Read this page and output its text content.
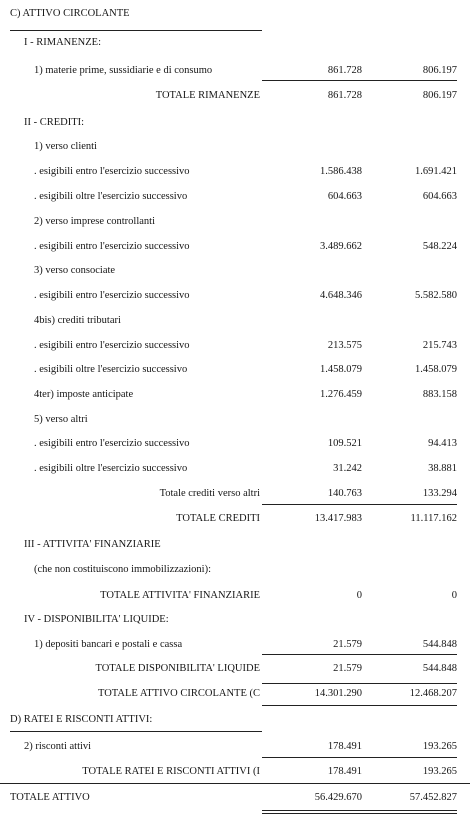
C) ATTIVO CIRCOLANTE
I - RIMANENZE:
1) materie prime, sussidiarie e di consumo	861.728	806.197
TOTALE RIMANENZE	861.728	806.197
II - CREDITI:
1) verso clienti
. esigibili entro l'esercizio successivo	1.586.438	1.691.421
. esigibili oltre l'esercizio successivo	604.663	604.663
2) verso imprese controllanti
. esigibili entro l'esercizio successivo	3.489.662	548.224
3) verso consociate
. esigibili entro l'esercizio successivo	4.648.346	5.582.580
4bis) crediti tributari
. esigibili entro l'esercizio successivo	213.575	215.743
. esigibili oltre l'esercizio successivo	1.458.079	1.458.079
4ter) imposte anticipate	1.276.459	883.158
5) verso altri
. esigibili entro l'esercizio successivo	109.521	94.413
. esigibili oltre l'esercizio successivo	31.242	38.881
Totale crediti verso altri	140.763	133.294
TOTALE CREDITI	13.417.983	11.117.162
III - ATTIVITA' FINANZIARIE
(che non costituiscono immobilizzazioni):
TOTALE ATTIVITA' FINANZIARIE	0	0
IV - DISPONIBILITA' LIQUIDE:
1) depositi bancari e postali e cassa	21.579	544.848
TOTALE DISPONIBILITA' LIQUIDE	21.579	544.848
TOTALE ATTIVO CIRCOLANTE (C	14.301.290	12.468.207
D) RATEI E RISCONTI ATTIVI:
2) risconti attivi	178.491	193.265
TOTALE RATEI E RISCONTI ATTIVI (I	178.491	193.265
TOTALE ATTIVO	56.429.670	57.452.827
